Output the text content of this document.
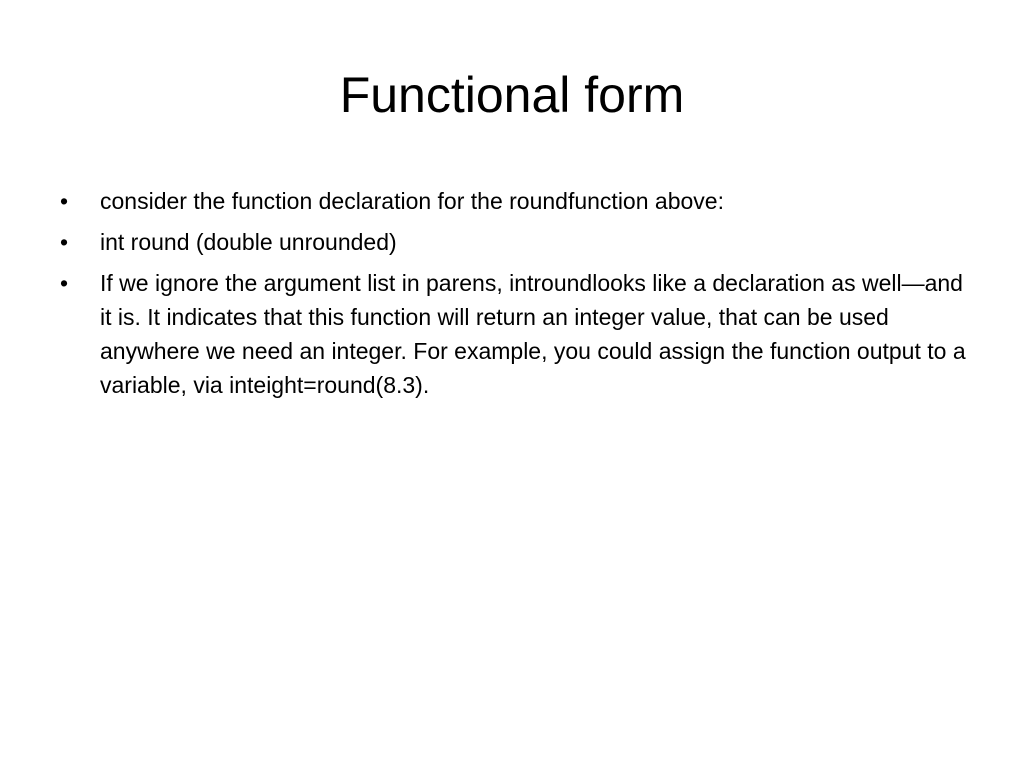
Functional form
• consider the function declaration for the roundfunction above:
• int round (double unrounded)
• If we ignore the argument list in parens, introundlooks like a declaration as well—and it is. It indicates that this function will return an integer value, that can be used anywhere we need an integer. For example, you could assign the function output to a variable, via inteight=round(8.3).
